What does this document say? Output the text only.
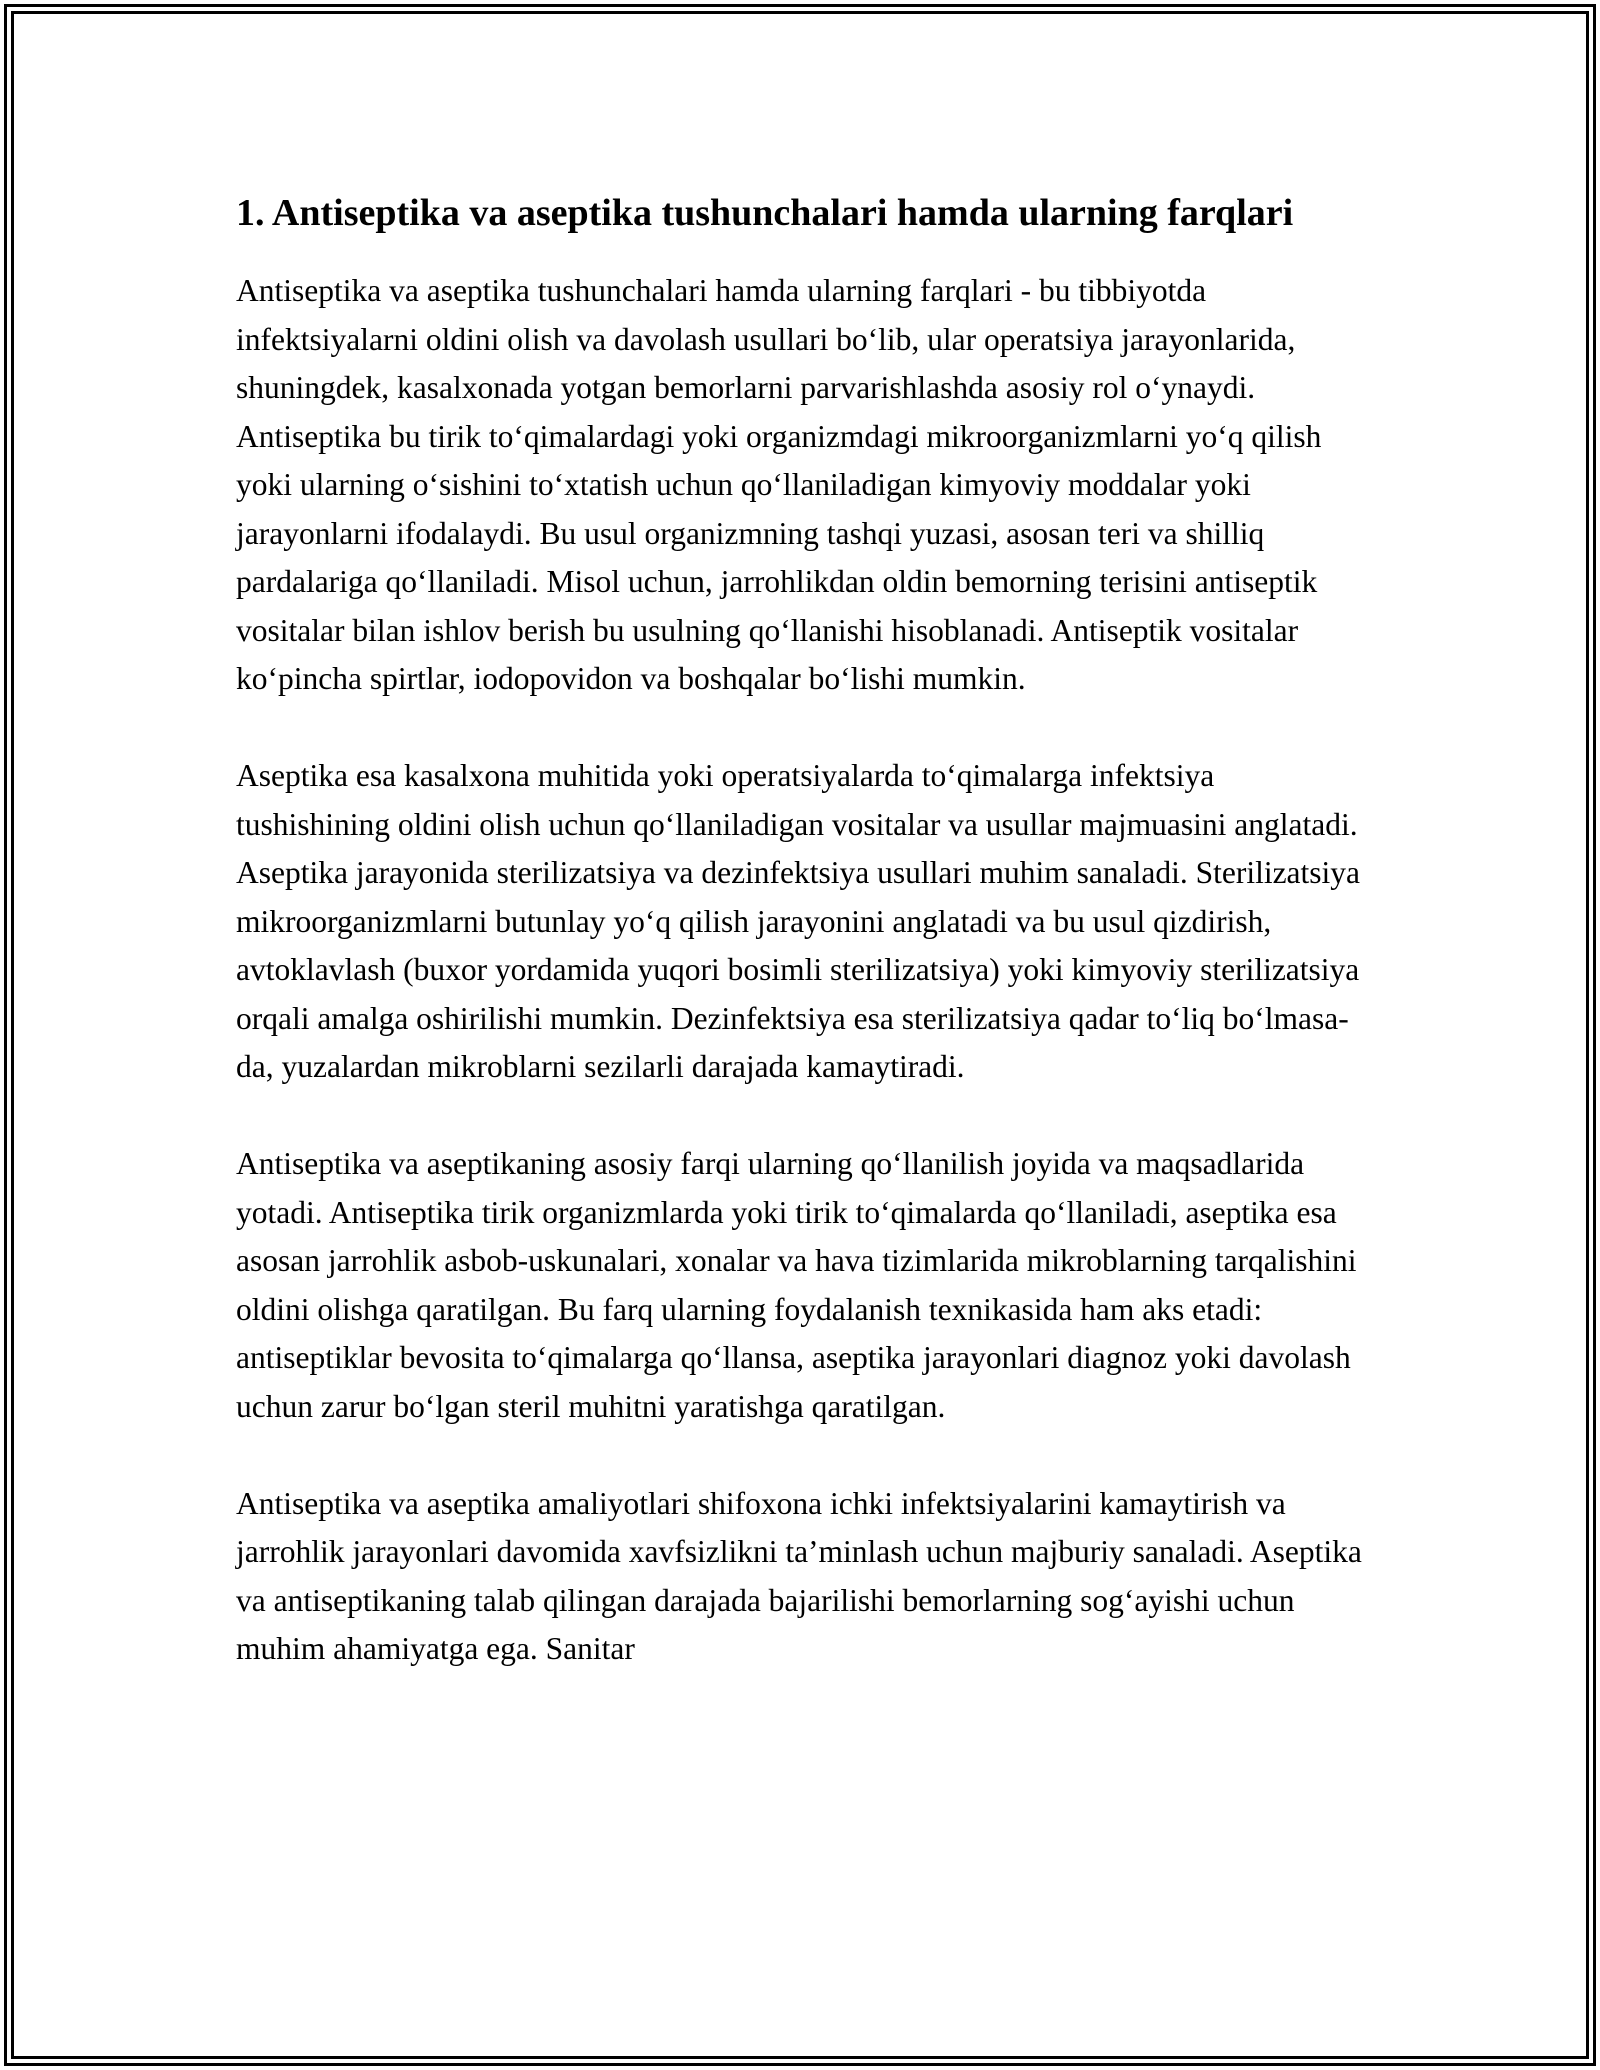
1. Antiseptika va aseptika tushunchalari hamda ularning farqlari

Antiseptika va aseptika tushunchalari hamda ularning farqlari - bu tibbiyotda infektsiyalarni oldini olish va davolash usullari bo‘lib, ular operatsiya jarayonlarida, shuningdek, kasalxonada yotgan bemorlarni parvarishlashda asosiy rol o‘ynaydi. Antiseptika bu tirik to‘qimalardagi yoki organizmdagi mikroorganizmlarni yo‘q qilish yoki ularning o‘sishini to‘xtatish uchun qo‘llaniladigan kimyoviy moddalar yoki jarayonlarni ifodalaydi. Bu usul organizmning tashqi yuzasi, asosan teri va shilliq pardalariga qo‘llaniladi. Misol uchun, jarrohlikdan oldin bemorning terisini antiseptik vositalar bilan ishlov berish bu usulning qo‘llanishi hisoblanadi. Antiseptik vositalar ko‘pincha spirtlar, iodopovidon va boshqalar bo‘lishi mumkin.

Aseptika esa kasalxona muhitida yoki operatsiyalarda to‘qimalarga infektsiya tushishining oldini olish uchun qo‘llaniladigan vositalar va usullar majmuasini anglatadi. Aseptika jarayonida sterilizatsiya va dezinfektsiya usullari muhim sanaladi. Sterilizatsiya mikroorganizmlarni butunlay yo‘q qilish jarayonini anglatadi va bu usul qizdirish, avtoklavlash (buxor yordamida yuqori bosimli sterilizatsiya) yoki kimyoviy sterilizatsiya orqali amalga oshirilishi mumkin. Dezinfektsiya esa sterilizatsiya qadar to‘liq bo‘lmasa-da, yuzalardan mikroblarni sezilarli darajada kamaytiradi.

Antiseptika va aseptikaning asosiy farqi ularning qo‘llanilish joyida va maqsadlarida yotadi. Antiseptika tirik organizmlarda yoki tirik to‘qimalarda qo‘llaniladi, aseptika esa asosan jarrohlik asbob-uskunalari, xonalar va hava tizimlarida mikroblarning tarqalishini oldini olishga qaratilgan. Bu farq ularning foydalanish texnikasida ham aks etadi: antiseptiklar bevosita to‘qimalarga qo‘llansa, aseptika jarayonlari diagnoz yoki davolash uchun zarur bo‘lgan steril muhitni yaratishga qaratilgan.

Antiseptika va aseptika amaliyotlari shifoxona ichki infektsiyalarini kamaytirish va jarrohlik jarayonlari davomida xavfsizlikni ta’minlash uchun majburiy sanaladi. Aseptika va antiseptikaning talab qilingan darajada bajarilishi bemorlarning sog‘ayishi uchun muhim ahamiyatga ega. Sanitar
